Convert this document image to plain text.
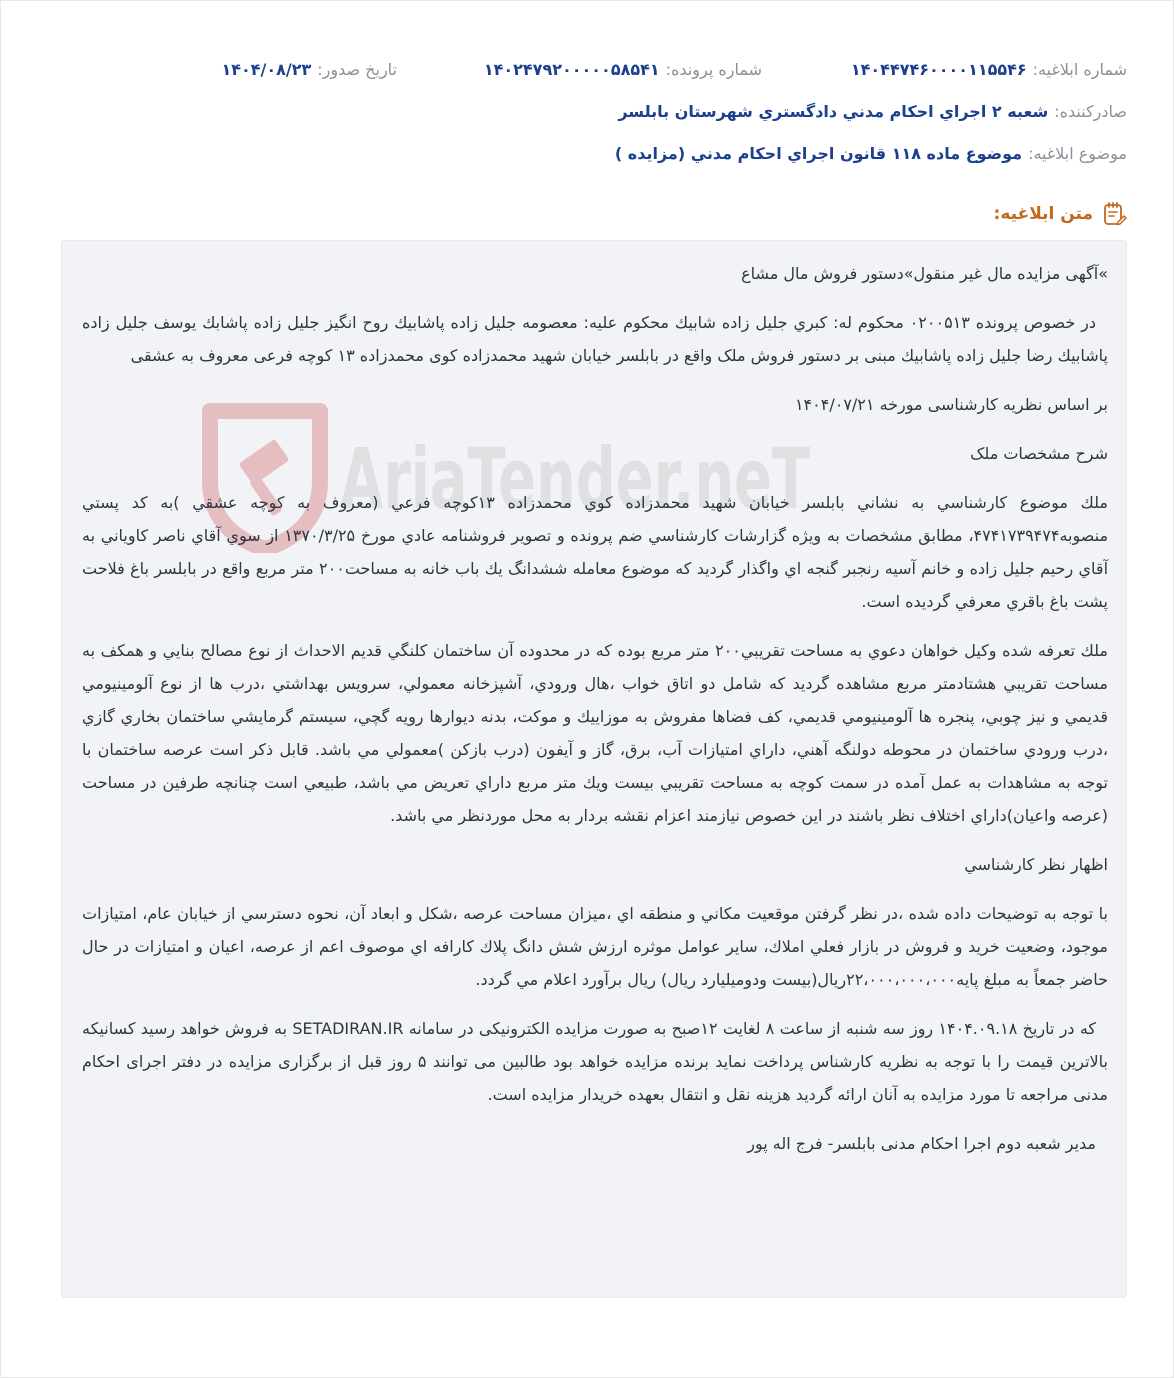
شماره ابلاغیه:
۱۴۰۴۴۷۴۶۰۰۰۰۱۱۵۵۴۶
شماره پرونده:
۱۴۰۲۴۷۹۲۰۰۰۰۰۵۸۵۴۱
تاریخ صدور:
۱۴۰۴/۰۸/۲۳
صادرکننده:
شعبه ۲ اجراي احكام مدني دادگستري شهرستان بابلسر
موضوع ابلاغیه:
موضوع ماده ۱۱۸ قانون اجراي احكام مدني (مزايده )
متن ابلاغیه:
AriaTender.neT

»آگهی مزایده مال غیر منقول»دستور فروش مال مشاع

در خصوص پرونده ۰۲۰۰۵۱۳ محکوم له: کبري جليل زاده شابيك محکوم علیه: معصومه جليل زاده پاشابيك روح انگيز جليل زاده پاشابك يوسف جليل زاده پاشابيك رضا جليل زاده پاشابيك مبنی بر دستور فروش ملک واقع در بابلسر خیابان شهید محمدزاده کوی محمدزاده ۱۳ کوچه فرعی معروف به عشقی

بر اساس نظریه کارشناسی مورخه ۱۴۰۴/۰۷/۲۱

شرح مشخصات ملک

ملك موضوع كارشناسي به نشاني بابلسر خيابان شهيد محمدزاده كوي محمدزاده ۱۳كوچه فرعي (معروف به كوچه عشقي )به كد پستي منصوبه۴۷۴۱۷۳۹۴۷۴، مطابق مشخصات به ويژه گزارشات كارشناسي ضم پرونده و تصوير فروشنامه عادي مورخ ۱۳۷۰/۳/۲۵ از سوي آقاي ناصر كاوياني به آقاي رحيم جليل زاده و خانم آسيه رنجبر گنجه اي واگذار گرديد كه موضوع معامله ششدانگ يك باب خانه به مساحت۲۰۰ متر مربع واقع در بابلسر باغ فلاحت پشت باغ باقري معرفي گرديده است.

ملك تعرفه شده وكيل خواهان دعوي به مساحت تقريبي۲۰۰ متر مربع بوده كه در محدوده آن ساختمان كلنگي قديم الاحداث از نوع مصالح بنايي و همكف به مساحت تقريبي هشتادمتر مربع مشاهده گرديد كه شامل دو اتاق خواب ،هال ورودي، آشپزخانه معمولي، سرويس بهداشتي ،درب ها از نوع آلومينيومي قديمي و نيز چوبي، پنجره ها آلومينيومي قديمي، كف فضاها مفروش به موزاييك و موكت، بدنه ديوارها رويه گچي، سيستم گرمايشي ساختمان بخاري گازي ،درب ورودي ساختمان در محوطه دولنگه آهني، داراي امتيازات آب، برق، گاز و آيفون (درب بازكن )معمولي مي باشد. قابل ذكر است عرصه ساختمان با توجه به مشاهدات به عمل آمده در سمت كوچه به مساحت تقريبي بيست ويك متر مربع داراي تعريض مي باشد، طبيعي است چنانچه طرفين در مساحت (عرصه واعيان)داراي اختلاف نظر باشند در اين خصوص نيازمند اعزام نقشه بردار به محل موردنظر مي باشد.

اظهار نظر کارشناسي

با توجه به توضيحات داده شده ،در نظر گرفتن موقعيت مكاني و منطقه اي ،ميزان مساحت عرصه ،شكل و ابعاد آن، نحوه دسترسي از خيابان عام، امتيازات موجود، وضعيت خريد و فروش در بازار فعلي املاك، ساير عوامل موثره ارزش شش دانگ پلاك كارافه اي موصوف اعم از عرصه، اعيان و امتيازات در حال حاضر جمعاً به مبلغ پايه۲۲،۰۰۰،۰۰۰،۰۰۰ریال(بيست ودوميليارد ريال) ریال برآورد اعلام مي گردد.

که در تاریخ ۱۴۰۴.۰۹.۱۸ روز سه شنبه از ساعت ۸ لغایت ۱۲صبح به صورت مزایده الکترونیکی در سامانه SETADIRAN.IR به فروش خواهد رسید کسانیکه بالاترین قیمت را با توجه به نظریه کارشناس پرداخت نماید برنده مزایده خواهد بود طالبین می توانند ۵ روز قبل از برگزاری مزایده در دفتر اجرای احکام مدنی مراجعه تا مورد مزایده به آنان ارائه گردید هزینه نقل و انتقال بعهده خریدار مزایده است.

مدیر شعبه دوم اجرا احکام مدنی بابلسر- فرج اله پور
